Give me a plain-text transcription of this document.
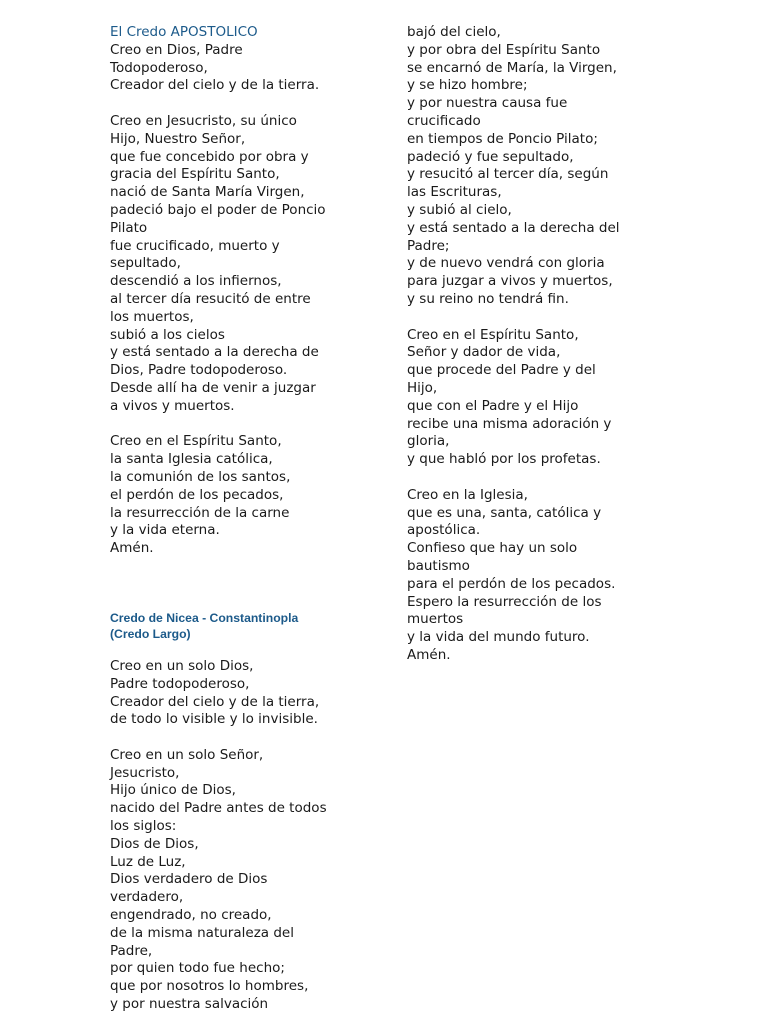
El Credo APOSTOLICO
Creo en Dios, Padre
Todopoderoso,
Creador del cielo y de la tierra.
Creo en Jesucristo, su único
Hijo, Nuestro Señor,
que fue concebido por obra y
gracia del Espíritu Santo,
nació de Santa María Virgen,
padeció bajo el poder de Poncio
Pilato
fue crucificado, muerto y
sepultado,
descendió a los infiernos,
al tercer día resucitó de entre
los muertos,
subió a los cielos
y está sentado a la derecha de
Dios, Padre todopoderoso.
Desde allí ha de venir a juzgar
a vivos y muertos.
Creo en el Espíritu Santo,
la santa Iglesia católica,
la comunión de los santos,
el perdón de los pecados,
la resurrección de la carne
y la vida eterna.
Amén.
Credo de Nicea - Constantinopla
(Credo Largo)
Creo en un solo Dios,
Padre todopoderoso,
Creador del cielo y de la tierra,
de todo lo visible y lo invisible.
Creo en un solo Señor,
Jesucristo,
Hijo único de Dios,
nacido del Padre antes de todos
los siglos:
Dios de Dios,
Luz de Luz,
Dios verdadero de Dios
verdadero,
engendrado, no creado,
de la misma naturaleza del
Padre,
por quien todo fue hecho;
que por nosotros lo hombres,
y por nuestra salvación
bajó del cielo,
y por obra del Espíritu Santo
se encarnó de María, la Virgen,
y se hizo hombre;
y por nuestra causa fue
crucificado
en tiempos de Poncio Pilato;
padeció y fue sepultado,
y resucitó al tercer día, según
las Escrituras,
y subió al cielo,
y está sentado a la derecha del
Padre;
y de nuevo vendrá con gloria
para juzgar a vivos y muertos,
y su reino no tendrá fin.
Creo en el Espíritu Santo,
Señor y dador de vida,
que procede del Padre y del
Hijo,
que con el Padre y el Hijo
recibe una misma adoración y
gloria,
y que habló por los profetas.
Creo en la Iglesia,
que es una, santa, católica y
apostólica.
Confieso que hay un solo
bautismo
para el perdón de los pecados.
Espero la resurrección de los
muertos
y la vida del mundo futuro.
Amén.
